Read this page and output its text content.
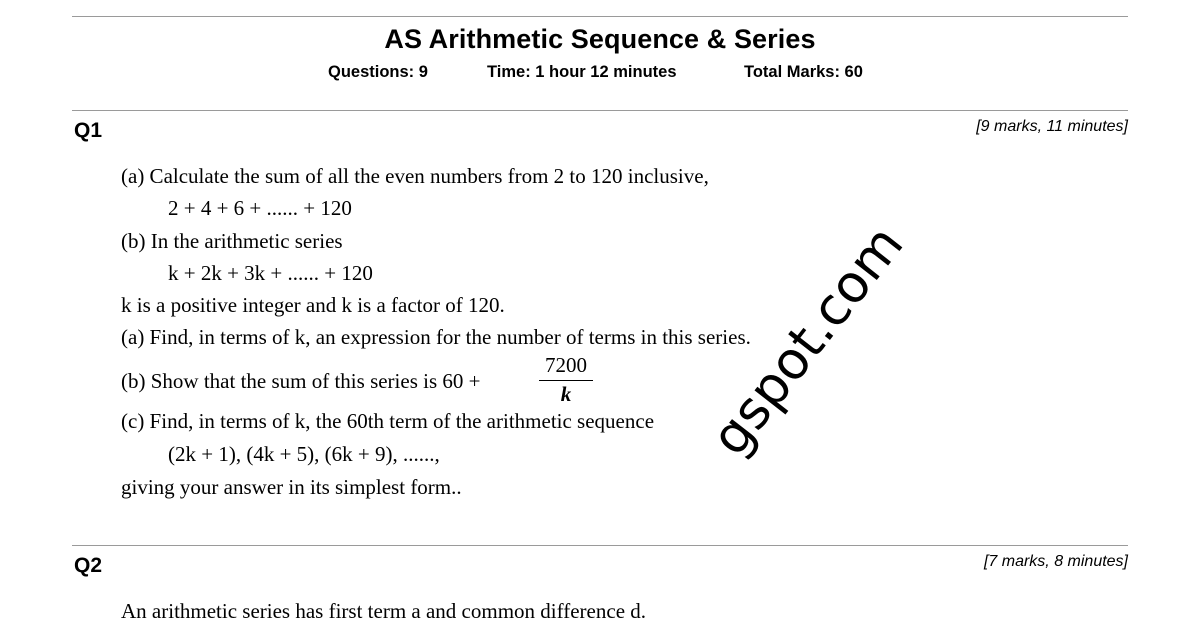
AS Arithmetic Sequence & Series
Questions: 9	Time: 1 hour 12 minutes	Total Marks: 60
Q1	[9 marks, 11 minutes]
(a) Calculate the sum of all the even numbers from 2 to 120 inclusive,
2 + 4 + 6 + ...... + 120
(b) In the arithmetic series
k + 2k + 3k + ...... + 120
k is a positive integer and k is a factor of 120.
(a) Find, in terms of k, an expression for the number of terms in this series.
(b) Show that the sum of this series is 60 +	$\frac{7200}{k}$
(c) Find, in terms of k, the 60th term of the arithmetic sequence
(2k + 1), (4k + 5), (6k + 9), ......,
giving your answer in its simplest form..
Q2	[7 marks, 8 minutes]
An arithmetic series has first term a and common difference d.
gspot.com
